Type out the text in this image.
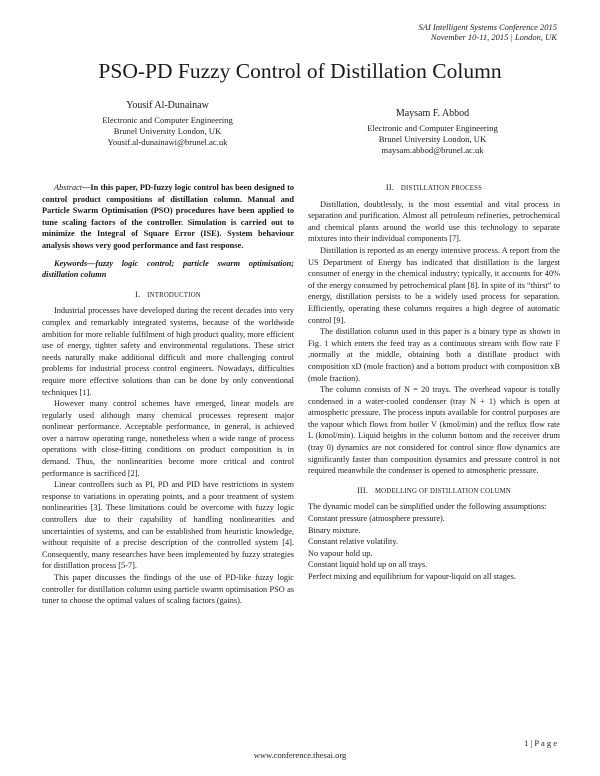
SAI Intelligent Systems Conference 2015
November 10-11, 2015 | London, UK
PSO-PD Fuzzy Control of Distillation Column
Yousif Al-Dunainaw
Electronic and Computer Engineering
Brunel University London, UK
Yousif.al-dunainawi@brunel.ac.uk
Maysam F. Abbod
Electronic and Computer Engineering
Brunel University London, UK
maysam.abbod@brunel.ac.uk

Abstract—In this paper, PD-fuzzy logic control has been designed to control product compositions of distillation column. Manual and Particle Swarm Optimisation (PSO) procedures have been applied to tune scaling factors of the controller. Simulation is carried out to minimize the Integral of Square Error (ISE). System behaviour analysis shows very good performance and fast response.

Keywords—fuzzy logic control; particle swarm optimisation; distillation column

I. INTRODUCTION

Industrial processes have developed during the recent decades into very complex and remarkably integrated systems, because of the worldwide ambition for more reliable fulfilment of high product quality, more efficient use of energy, tighter safety and environmental regulations. These strict needs naturally make additional difficult and more challenging control problems for industrial process control engineers. Nowadays, difficulties require more effective solutions than can be done by only conventional techniques [1].

However many control schemes have emerged, linear models are regularly used although many chemical processes represent major nonlinear performance. Acceptable performance, in general, is achieved over a narrow operating range, nonetheless when a wide range of process operations with close-fitting conditions on product composition is in demand. Thus, the nonlinearities become more critical and control performance is sacrificed [2].

Linear controllers such as PI, PD and PID have restrictions in system response to variations in operating points, and a poor treatment of system nonlinearities [3]. These limitations could be overcome with fuzzy logic controllers due to their capability of handling nonlinearities and uncertainties of systems, and can be established from heuristic knowledge, without requisite of a precise description of the controlled system [4]. Consequently, many researches have been implemented by fuzzy strategies for distillation process [5-7].

This paper discusses the findings of the use of PD-like fuzzy logic controller for distillation column using particle swarm optimisation PSO as tuner to choose the optimal values of scaling factors (gains).

II. DISTILLATION PROCESS

Distillation, doubtlessly, is the most essential and vital process in separation and purification. Almost all petroleum refineries, petrochemical and chemical plants around the world use this technology to separate mixtures into their individual components [7].

Distillation is reported as an energy intensive process. A report from the US Department of Energy has indicated that distillation is the largest consumer of energy in the chemical industry; typically, it accounts for 40% of the energy consumed by petrochemical plant [8]. In spite of its “thirst” to energy, distillation persists to be a widely used process for separation. Efficiently, operating these columns requires a high degree of automatic control [9].

The distillation column used in this paper is a binary type as shown in Fig. 1 which enters the feed tray as a continuous stream with flow rate F ,normally at the middle, obtaining both a distillate product with composition xD (mole fraction) and a bottom product with composition xB (mole fraction).

The column consists of N = 20 trays. The overhead vapour is totally condensed in a water-cooled condenser (tray N + 1) which is open at atmospheric pressure. The process inputs available for control purposes are the vapour which flows from boiler V (kmol/min) and the reflux flow rate L (kmol/min). Liquid heights in the column bottom and the receiver drum (tray 0) dynamics are not considered for control since flow dynamics are significantly faster than composition dynamics and pressure control is not required meanwhile the condenser is opened to atmospheric pressure.

III. MODELLING OF DISTILLATION COLUMN

The dynamic model can be simplified under the following assumptions:

Constant pressure (atmosphere pressure).
Binary mixture.
Constant relative volatility.
No vapour hold up.
Constant liquid hold up on all trays.
Perfect mixing and equilibrium for vapour-liquid on all stages.
1 | P a g e
www.conference.thesai.org
